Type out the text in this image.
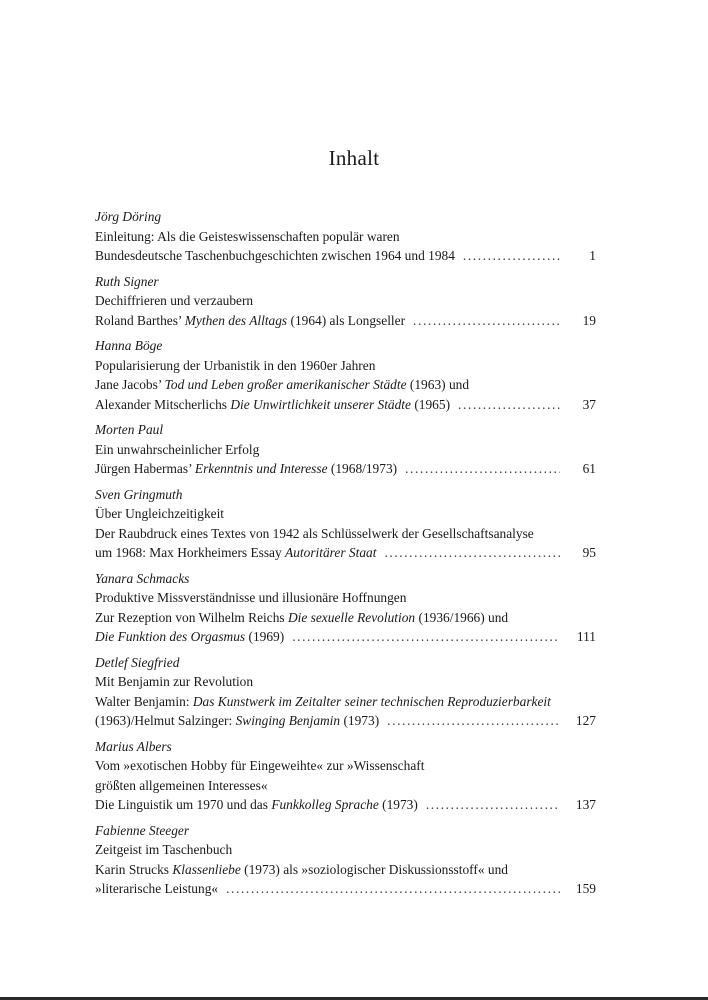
Inhalt
Jörg Döring
Einleitung: Als die Geisteswissenschaften populär waren
Bundesdeutsche Taschenbuchgeschichten zwischen 1964 und 1984 .....	1
Ruth Signer
Dechiffrieren und verzaubern
Roland Barthes’ Mythen des Alltags (1964) als Longseller .....	19
Hanna Böge
Popularisierung der Urbanistik in den 1960er Jahren
Jane Jacobs’ Tod und Leben großer amerikanischer Städte (1963) und
Alexander Mitscherlichs Die Unwirtlichkeit unserer Städte (1965) .....	37
Morten Paul
Ein unwahrscheinlicher Erfolg
Jürgen Habermas’ Erkenntnis und Interesse (1968/1973) .....	61
Sven Gringmuth
Über Ungleichzeitigkeit
Der Raubdruck eines Textes von 1942 als Schlüsselwerk der Gesellschaftsanalyse
um 1968: Max Horkheimers Essay Autoritärer Staat .....	95
Yanara Schmacks
Produktive Missverständnisse und illusionäre Hoffnungen
Zur Rezeption von Wilhelm Reichs Die sexuelle Revolution (1936/1966) und
Die Funktion des Orgasmus (1969) .....	111
Detlef Siegfried
Mit Benjamin zur Revolution
Walter Benjamin: Das Kunstwerk im Zeitalter seiner technischen Reproduzierbarkeit
(1963)/Helmut Salzinger: Swinging Benjamin (1973) .....	127
Marius Albers
Vom »exotischen Hobby für Eingeweihte« zur »Wissenschaft
größten allgemeinen Interesses«
Die Linguistik um 1970 und das Funkkolleg Sprache (1973) .....	137
Fabienne Steeger
Zeitgeist im Taschenbuch
Karin Strucks Klassenliebe (1973) als »soziologischer Diskussionsstoff« und
»literarische Leistung« .....	159
